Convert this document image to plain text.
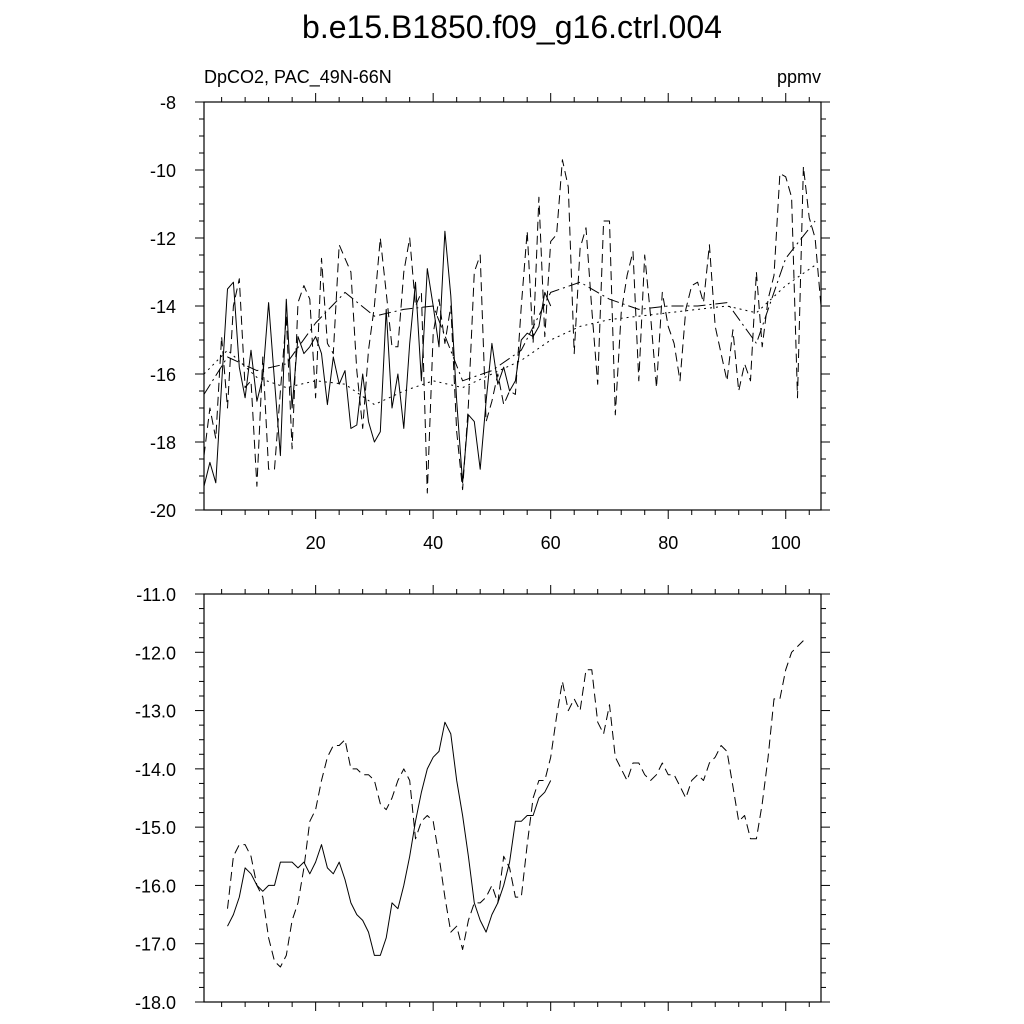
b.e15.B1850.f09_g16.ctrl.004
DpCO2, PAC_49N-66N	ppmv
20	40	60	80	100
-20
-18
-16
-14
-12
-10
-8
-18.0
-17.0
-16.0
-15.0
-14.0
-13.0
-12.0
-11.0
